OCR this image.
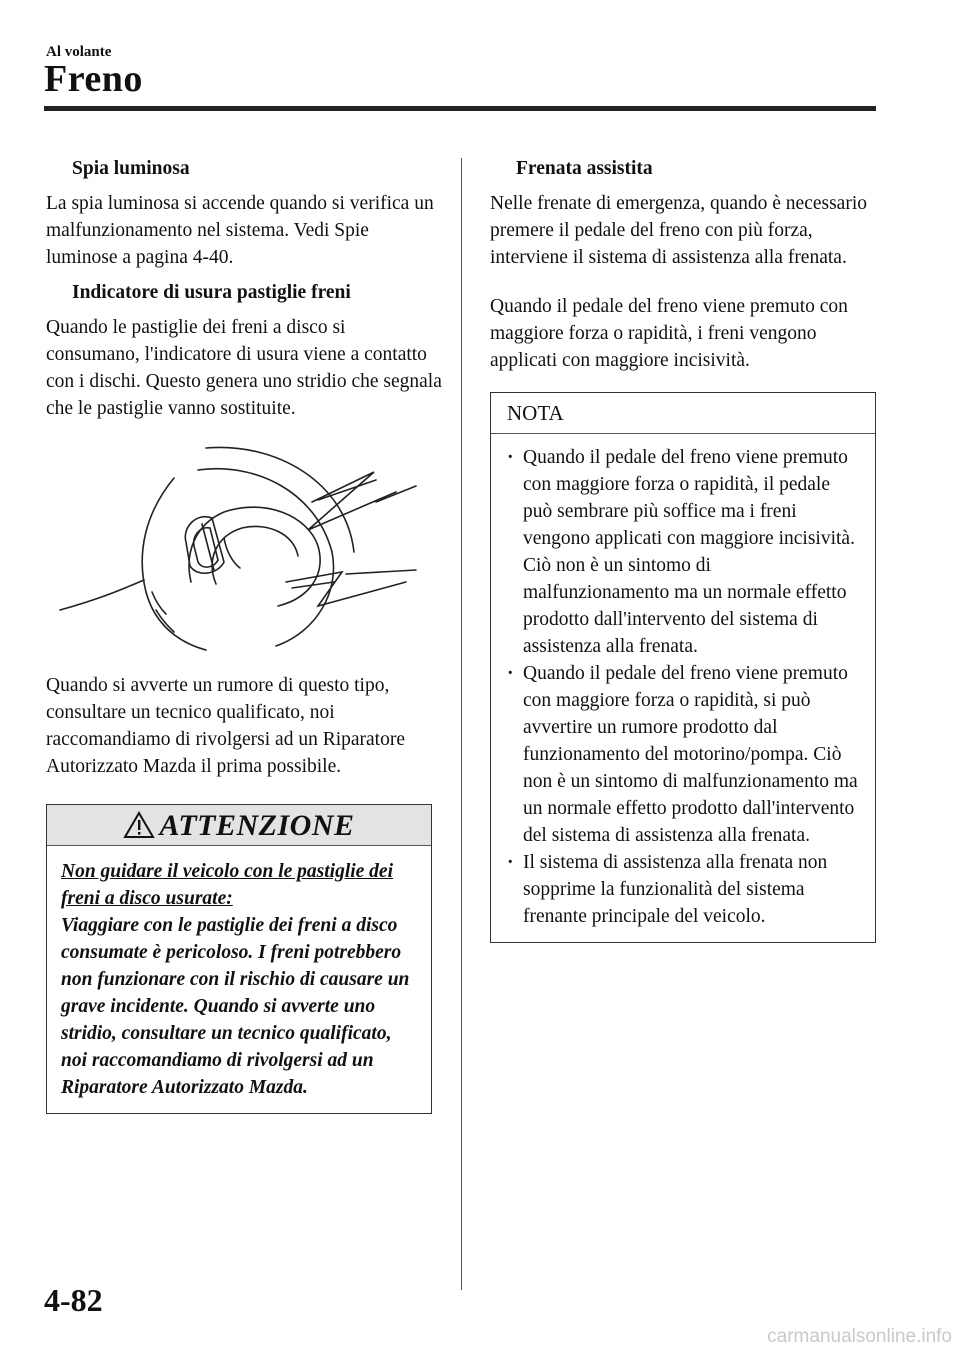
Al volante
Freno

Spia luminosa

La spia luminosa si accende quando si verifica un malfunzionamento nel sistema. Vedi Spie luminose a pagina 4-40.

Indicatore di usura pastiglie freni

Quando le pastiglie dei freni a disco si consumano, l'indicatore di usura viene a contatto con i dischi. Questo genera uno stridio che segnala che le pastiglie vanno sostituite.

Quando si avverte un rumore di questo tipo, consultare un tecnico qualificato, noi raccomandiamo di rivolgersi ad un Riparatore Autorizzato Mazda il prima possibile.

ATTENZIONE
Non guidare il veicolo con le pastiglie dei freni a disco usurate:
Viaggiare con le pastiglie dei freni a disco consumate è pericoloso. I freni potrebbero non funzionare con il rischio di causare un grave incidente. Quando si avverte uno stridio, consultare un tecnico qualificato, noi raccomandiamo di rivolgersi ad un Riparatore Autorizzato Mazda.

Frenata assistita

Nelle frenate di emergenza, quando è necessario premere il pedale del freno con più forza, interviene il sistema di assistenza alla frenata.

Quando il pedale del freno viene premuto con maggiore forza o rapidità, i freni vengono applicati con maggiore incisività.

NOTA
· Quando il pedale del freno viene premuto con maggiore forza o rapidità, il pedale può sembrare più soffice ma i freni vengono applicati con maggiore incisività. Ciò non è un sintomo di malfunzionamento ma un normale effetto prodotto dall'intervento del sistema di assistenza alla frenata.
· Quando il pedale del freno viene premuto con maggiore forza o rapidità, si può avvertire un rumore prodotto dal funzionamento del motorino/pompa. Ciò non è un sintomo di malfunzionamento ma un normale effetto prodotto dall'intervento del sistema di assistenza alla frenata.
· Il sistema di assistenza alla frenata non sopprime la funzionalità del sistema frenante principale del veicolo.
4-82
carmanualsonline.info
